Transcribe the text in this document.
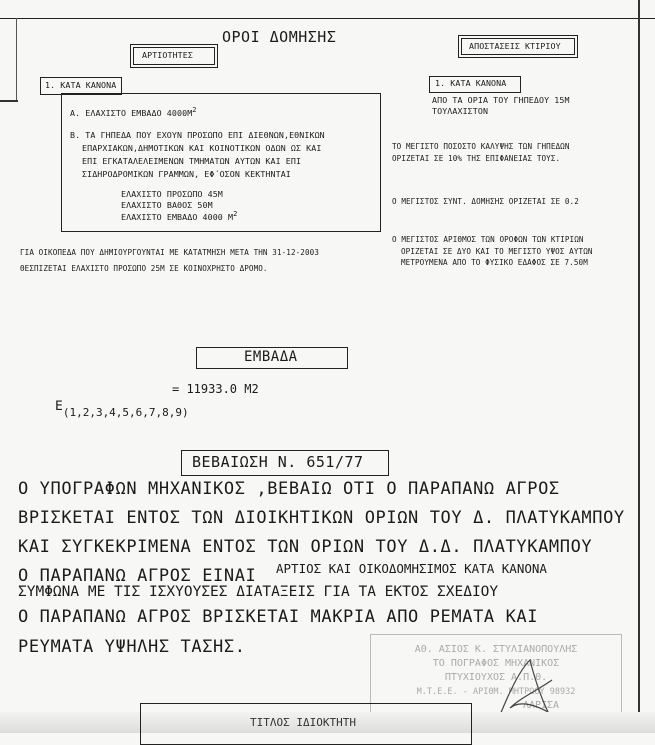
ΟΡΟΙ ΔΟΜΗΣΗΣ
ΑΡΤΙΟΤΗΤΕΣ
ΑΠΟΣΤΑΣΕΙΣ ΚΤΙΡΙΟΥ
1. ΚΑΤΑ ΚΑΝΟΝΑ
Α. ΕΛΑΧΙΣΤΟ ΕΜΒΑΔΟ $4000M^2$
Β. ΤΑ ΓΗΠΕΔΑ ΠΟΥ ΕΧΟΥΝ ΠΡΟΣΩΠΟ ΕΠΙ ΔΙΕΘΝΩΝ,ΕΘΝΙΚΩΝ
ΕΠΑΡΧΙΑΚΩΝ,ΔΗΜΟΤΙΚΩΝ ΚΑΙ ΚΟΙΝΟΤΙΚΩΝ ΟΔΩΝ ΩΣ ΚΑΙ
ΕΠΙ ΕΓΚΑΤΑΛΕΛΕΙΜΕΝΩΝ ΤΜΗΜΑΤΩΝ ΑΥΤΩΝ ΚΑΙ ΕΠΙ
ΣΙΔΗΡΟΔΡΟΜΙΚΩΝ ΓΡΑΜΜΩΝ, ΕΦ΄ΟΣΟΝ ΚΕΚΤΗΝΤΑΙ
ΕΛΑΧΙΣΤΟ ΠΡΟΣΩΠΟ 45Μ
ΕΛΑΧΙΣΤΟ ΒΑΘΟΣ 50Μ
ΕΛΑΧΙΣΤΟ ΕΜΒΑΔΟ 4000 $M^2$
ΓΙΑ ΟΙΚΟΠΕΔΑ ΠΟΥ ΔΗΜΙΟΥΡΓΟΥΝΤΑΙ ΜΕ ΚΑΤΑΤΜΗΣΗ ΜΕΤΑ ΤΗΝ 31-12-2003
ΘΕΣΠΙΖΕΤΑΙ ΕΛΑΧΙΣΤΟ ΠΡΟΣΩΠΟ 25Μ ΣΕ ΚΟΙΝΟΧΡΗΣΤΟ ΔΡΟΜΟ.
1. ΚΑΤΑ ΚΑΝΟΝΑ
ΑΠΟ ΤΑ ΟΡΙΑ ΤΟΥ ΓΗΠΕΔΟΥ 15Μ
ΤΟΥΛΑΧΙΣΤΟΝ
ΤΟ ΜΕΓΙΣΤΟ ΠΟΣΟΣΤΟ ΚΑΛΥΨΗΣ ΤΩΝ ΓΗΠΕΔΩΝ
ΟΡΙΖΕΤΑΙ ΣΕ 10% ΤΗΣ ΕΠΙΦΑΝΕΙΑΣ ΤΟΥΣ.
Ο ΜΕΓΙΣΤΟΣ ΣΥΝΤ. ΔΟΜΗΣΗΣ ΟΡΙΖΕΤΑΙ ΣΕ 0.2
Ο ΜΕΓΙΣΤΟΣ ΑΡΙΘΜΟΣ ΤΩΝ ΟΡΟΦΩΝ ΤΩΝ ΚΤΙΡΙΩΝ
ΟΡΙΖΕΤΑΙ ΣΕ ΔΥΟ ΚΑΙ ΤΟ ΜΕΓΙΣΤΟ ΥΨΟΣ ΑΥΤΩΝ
ΜΕΤΡΟΥΜΕΝΑ ΑΠΟ ΤΟ ΦΥΣΙΚΟ ΕΔΑΦΟΣ ΣΕ 7.50Μ
ΕΜΒΑΔΑ
= 11933.0 Μ2
$E_{(1,2,3,4,5,6,7,8,9)}$
ΒΕΒΑΙΩΣΗ Ν. 651/77
Ο ΥΠΟΓΡΑΦΩΝ ΜΗΧΑΝΙΚΟΣ ,ΒΕΒΑΙΩ ΟΤΙ Ο ΠΑΡΑΠΑΝΩ ΑΓΡΟΣ
ΒΡΙΣΚΕΤΑΙ ΕΝΤΟΣ ΤΩΝ ΔΙΟΙΚΗΤΙΚΩΝ ΟΡΙΩΝ ΤΟΥ Δ. ΠΛΑΤΥΚΑΜΠΟΥ
ΚΑΙ ΣΥΓΚΕΚΡΙΜΕΝΑ ΕΝΤΟΣ ΤΩΝ ΟΡΙΩΝ ΤΟΥ Δ.Δ. ΠΛΑΤΥΚΑΜΠΟΥ
Ο ΠΑΡΑΠΑΝΩ ΑΓΡΟΣ ΕΙΝΑΙ ΑΡΤΙΟΣ ΚΑΙ ΟΙΚΟΔΟΜΗΣΙΜΟΣ ΚΑΤΑ ΚΑΝΟΝΑ
ΣΥΜΦΩΝΑ ΜΕ ΤΙΣ ΙΣΧΥΟΥΣΕΣ ΔΙΑΤΑΞΕΙΣ ΓΙΑ ΤΑ ΕΚΤΟΣ ΣΧΕΔΙΟΥ
Ο ΠΑΡΑΠΑΝΩ ΑΓΡΟΣ ΒΡΙΣΚΕΤΑΙ ΜΑΚΡΙΑ ΑΠΟ ΡΕΜΑΤΑ ΚΑΙ
ΡΕΥΜΑΤΑ ΥΨΗΛΗΣ ΤΑΣΗΣ.	ΑΘ. ΑΣΙΟΣ Κ. ΣΤΥΛΙΑΝΟΠΟΥΛΗΣ
ΤΟ ΠΟΓΡΑΦΟΣ ΜΗΧΑΝΙΚΟΣ
ΠΤΥΧΙΟΥΧΟΣ Α.Π.Θ.
Μ.Τ.Ε.Ε. - ΑΡΙΘΜ. ΜΗΤΡΩΟΥ 98932
ΛΑΡΙΣΑ
ΤΙΤΛΟΣ ΙΔΙΟΚΤΗΤΗ
